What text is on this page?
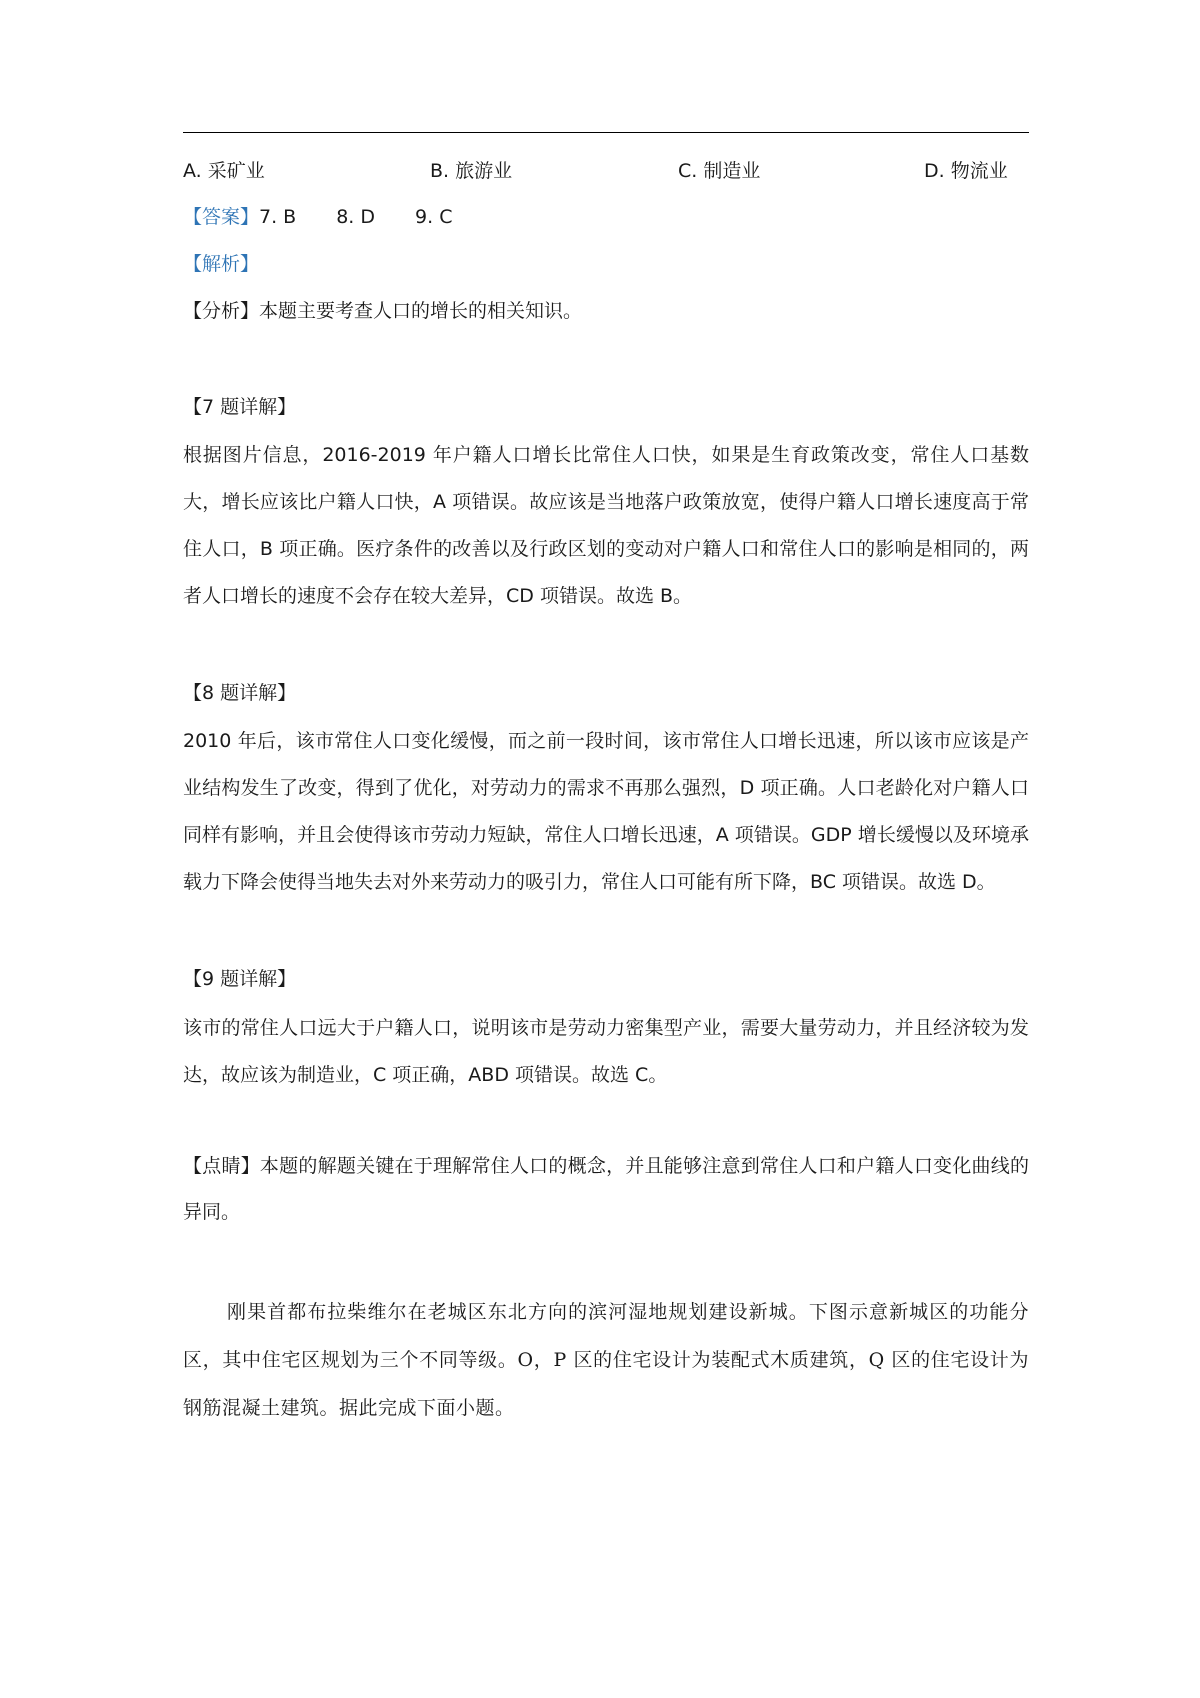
A. 采矿业	B. 旅游业	C. 制造业	D. 物流业
【答案】7. B 8. D 9. C
【解析】
【分析】本题主要考查人口的增长的相关知识。
【7 题详解】
根据图片信息，2016-2019 年户籍人口增长比常住人口快，如果是生育政策改变，常住人口基数大，增长应该比户籍人口快，A 项错误。故应该是当地落户政策放宽，使得户籍人口增长速度高于常住人口，B 项正确。医疗条件的改善以及行政区划的变动对户籍人口和常住人口的影响是相同的，两者人口增长的速度不会存在较大差异，CD 项错误。故选 B。
【8 题详解】
2010 年后，该市常住人口变化缓慢，而之前一段时间，该市常住人口增长迅速，所以该市应该是产业结构发生了改变，得到了优化，对劳动力的需求不再那么强烈，D 项正确。人口老龄化对户籍人口同样有影响，并且会使得该市劳动力短缺，常住人口增长迅速，A 项错误。GDP 增长缓慢以及环境承载力下降会使得当地失去对外来劳动力的吸引力，常住人口可能有所下降，BC 项错误。故选 D。
【9 题详解】
该市的常住人口远大于户籍人口，说明该市是劳动力密集型产业，需要大量劳动力，并且经济较为发达，故应该为制造业，C 项正确，ABD 项错误。故选 C。
【点睛】本题的解题关键在于理解常住人口的概念，并且能够注意到常住人口和户籍人口变化曲线的异同。
刚果首都布拉柴维尔在老城区东北方向的滨河湿地规划建设新城。下图示意新城区的功能分区，其中住宅区规划为三个不同等级。O，P 区的住宅设计为装配式木质建筑，Q 区的住宅设计为钢筋混凝土建筑。据此完成下面小题。
